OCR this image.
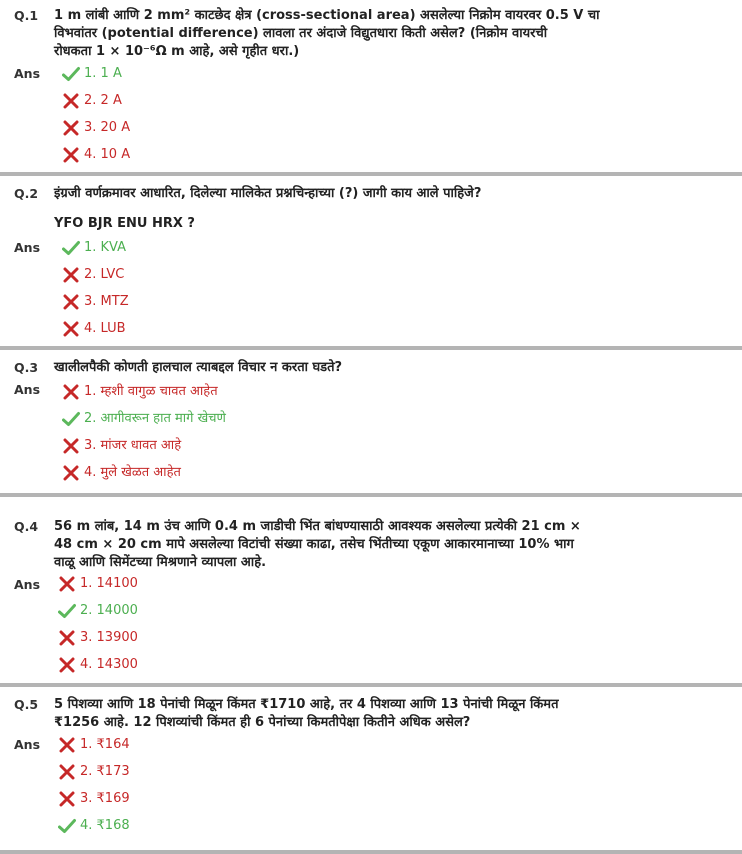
Q.1 1 m लांबी आणि 2 mm² काटछेद क्षेत्र (cross-sectional area) असलेल्या निक्रोम वायरवर 0.5 V चा
विभवांतर (potential difference) लावला तर अंदाजे विद्युतधारा किती असेल? (निक्रोम वायरची
रोधकता 1 × 10⁻⁶Ω m आहे, असे गृहीत धरा.)
Ans	1. 1 A
2. 2 A
3. 20 A
4. 10 A
Q.2 इंग्रजी वर्णक्रमावर आधारित, दिलेल्या मालिकेत प्रश्नचिन्हाच्या (?) जागी काय आले पाहिजे?
YFO BJR ENU HRX ?
Ans	1. KVA
2. LVC
3. MTZ
4. LUB
Q.3 खालीलपैकी कोणती हालचाल त्याबद्दल विचार न करता घडते?
Ans	1. म्हशी वागुळ चावत आहेत
2. आगीवरून हात मागे खेचणे
3. मांजर धावत आहे
4. मुले खेळत आहेत
Q.4 56 m लांब, 14 m उंच आणि 0.4 m जाडीची भिंत बांधण्यासाठी आवश्यक असलेल्या प्रत्येकी 21 cm ×
48 cm × 20 cm मापे असलेल्या विटांची संख्या काढा, तसेच भिंतीच्या एकूण आकारमानाच्या 10% भाग
वाळू आणि सिमेंटच्या मिश्रणाने व्यापला आहे.
Ans	1. 14100
2. 14000
3. 13900
4. 14300
Q.5 5 पिशव्या आणि 18 पेनांची मिळून किंमत ₹1710 आहे, तर 4 पिशव्या आणि 13 पेनांची मिळून किंमत
₹1256 आहे. 12 पिशव्यांची किंमत ही 6 पेनांच्या किमतीपेक्षा कितीने अधिक असेल?
Ans	1. ₹164
2. ₹173
3. ₹169
4. ₹168
